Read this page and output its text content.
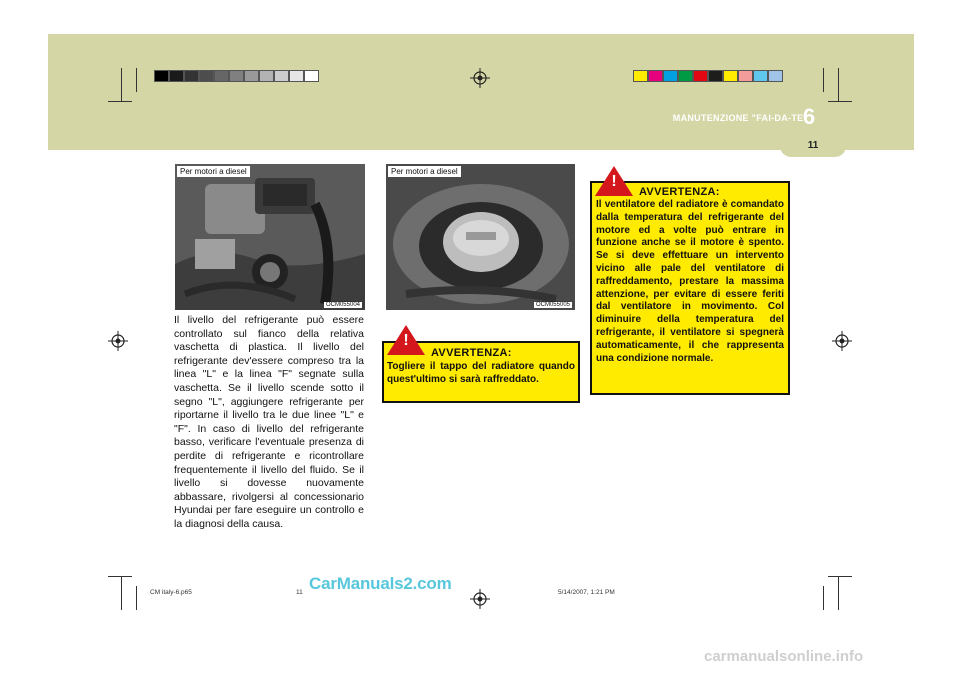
MANUTENZIONE "FAI-DA-TE"
6
11
Per motori a diesel
OCM055004
Il livello del refrigerante può essere controllato sul fianco della relativa vaschetta di plastica. Il livello del refrigerante dev'essere compreso tra la linea "L" e la linea "F" segnate sulla vaschetta. Se il livello scende sotto il segno "L", aggiungere refrigerante per riportarne il livello tra le due linee "L" e "F". In caso di livello del refrigerante basso, verificare l'eventuale presenza di perdite di refrigerante e ricontrollare frequentemente il livello del fluido. Se il livello si dovesse nuovamente abbassare, rivolgersi al concessionario Hyundai per fare eseguire un controllo e la diagnosi della causa.
Per motori a diesel
OCM055005
!
AVVERTENZA:
Togliere il tappo del radiatore quando quest'ultimo si sarà raffreddato.
!
AVVERTENZA:
Il ventilatore del radiatore è comandato dalla temperatura del refrigerante del motore ed a volte può entrare in funzione anche se il motore è spento. Se si deve effettuare un intervento vicino alle pale del ventilatore di raffreddamento, prestare la massima attenzione, per evitare di essere feriti dal ventilatore in movimento. Col diminuire della temperatura del refrigerante, il ventilatore si spegnerà automaticamente, il che rappresenta una condizione normale.
CM italy-6.p65	11	5/14/2007, 1:21 PM
CarManuals2.com
carmanualsonline.info
